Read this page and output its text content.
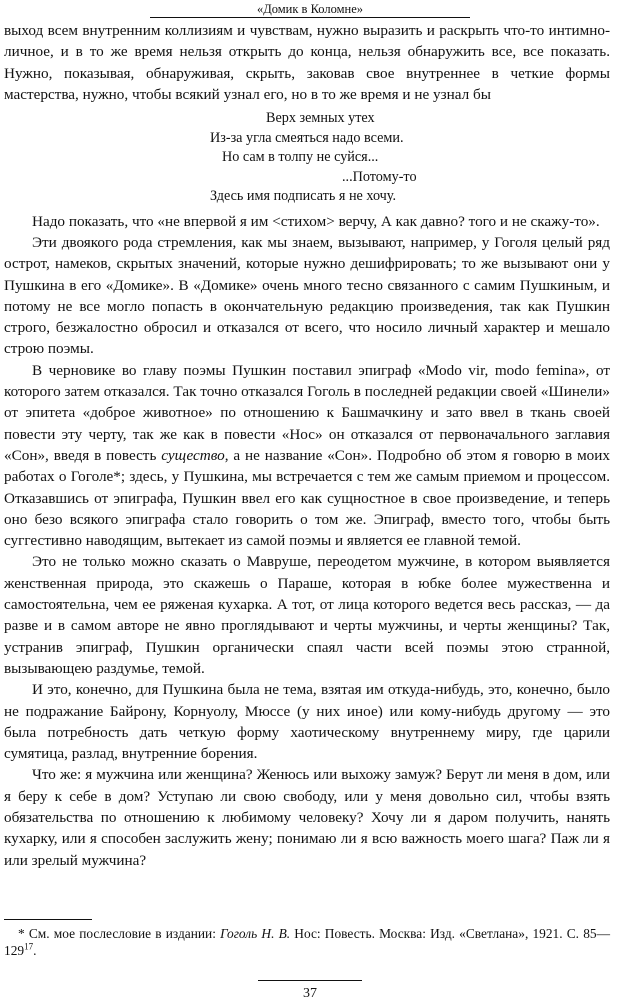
«Домик в Коломне»

выход всем внутренним коллизиям и чувствам, нужно выразить и раскрыть что-то интимно-личное, и в то же время нельзя открыть до конца, нельзя обнаружить все, все показать. Нужно, показывая, обнаруживая, скрыть, заковав свое внутреннее в четкие формы мастерства, нужно, чтобы всякий узнал его, но в то же время и не узнал бы

Верх земных утех
Из-за угла смеяться надо всеми.
Но сам в толпу не суйся...
...Потому-то
Здесь имя подписать я не хочу.

Надо показать, что «не впервой я им <стихом> верчу, А как давно? того и не скажу-то».

Эти двоякого рода стремления, как мы знаем, вызывают, например, у Гоголя целый ряд острот, намеков, скрытых значений, которые нужно дешифрировать; то же вызывают они у Пушкина в его «Домике». В «Домике» очень много тесно связанного с самим Пушкиным, и потому не все могло попасть в окончательную редакцию произведения, так как Пушкин строго, безжалостно обросил и отказался от всего, что носило личный характер и мешало строю поэмы.

В черновике во главу поэмы Пушкин поставил эпиграф «Modo vir, modo femina», от которого затем отказался. Так точно отказался Гоголь в последней редакции своей «Шинели» от эпитета «доброе животное» по отношению к Башмачкину и зато ввел в ткань своей повести эту черту, так же как в повести «Нос» он отказался от первоначального заглавия «Сон», введя в повесть существо, а не название «Сон». Подробно об этом я говорю в моих работах о Гоголе*; здесь, у Пушкина, мы встречается с тем же самым приемом и процессом. Отказавшись от эпиграфа, Пушкин ввел его как сущностное в свое произведение, и теперь оно безо всякого эпиграфа стало говорить о том же. Эпиграф, вместо того, чтобы быть суггестивно наводящим, вытекает из самой поэмы и является ее главной темой.

Это не только можно сказать о Мавруше, переодетом мужчине, в котором выявляется женственная природа, это скажешь о Параше, которая в юбке более мужественна и самостоятельна, чем ее ряженая кухарка. А тот, от лица которого ведется весь рассказ, — да разве и в самом авторе не явно проглядывают и черты мужчины, и черты женщины? Так, устранив эпиграф, Пушкин органически спаял части всей поэмы этою странной, вызывающею раздумье, темой.

И это, конечно, для Пушкина была не тема, взятая им откуда-нибудь, это, конечно, было не подражание Байрону, Корнуолу, Мюссе (у них иное) или кому-нибудь другому — это была потребность дать четкую форму хаотическому внутреннему миру, где царили сумятица, разлад, внутренние борения.

Что же: я мужчина или женщина? Женюсь или выхожу замуж? Берут ли меня в дом, или я беру к себе в дом? Уступаю ли свою свободу, или у меня довольно сил, чтобы взять обязательства по отношению к любимому человеку? Хочу ли я даром получить, нанять кухарку, или я способен заслужить жену; понимаю ли я всю важность моего шага? Паж ли я или зрелый мужчина?

* См. мое послесловие в издании: Гоголь Н. В. Нос: Повесть. Москва: Изд. «Светлана», 1921. С. $85—129^{17}$.
37
